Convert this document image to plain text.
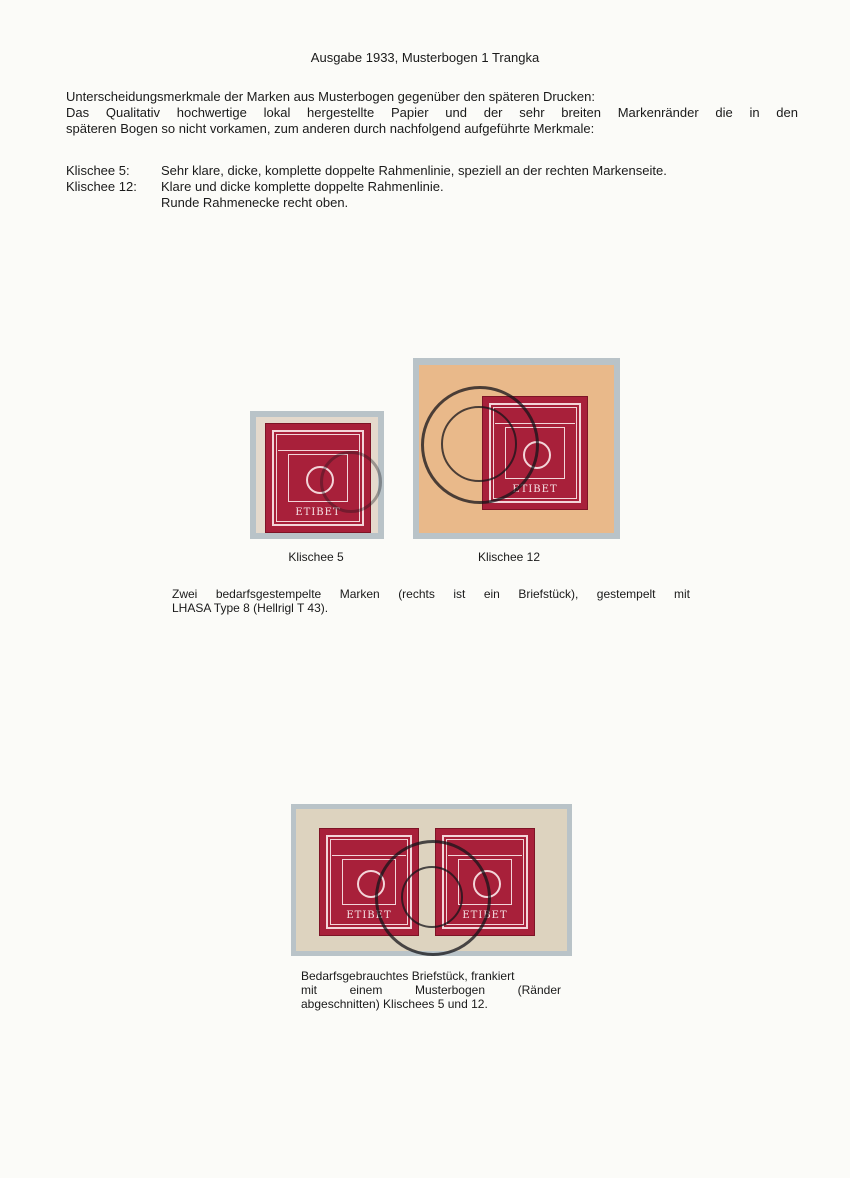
Ausgabe 1933, Musterbogen 1 Trangka
Unterscheidungsmerkmale der Marken aus Musterbogen gegenüber den späteren Drucken:
Das Qualitativ hochwertige lokal hergestellte Papier und der sehr breiten Markenränder die in den
späteren Bogen so nicht vorkamen, zum anderen durch nachfolgend aufgeführte Merkmale:
Klischee 5: Sehr klare, dicke, komplette doppelte Rahmenlinie, speziell an der rechten Markenseite.
Klischee 12: Klare und dicke komplette doppelte Rahmenlinie.
Runde Rahmenecke recht oben.
ETIBET
ETIBET
Klischee 5	Klischee 12
Zwei bedarfsgestempelte Marken (rechts ist ein Briefstück), gestempelt mit
LHASA Type 8 (Hellrigl T 43).
ETIBET	ETIBET
Bedarfsgebrauchtes Briefstück, frankiert
mit einem Musterbogen (Ränder
abgeschnitten) Klischees 5 und 12.
